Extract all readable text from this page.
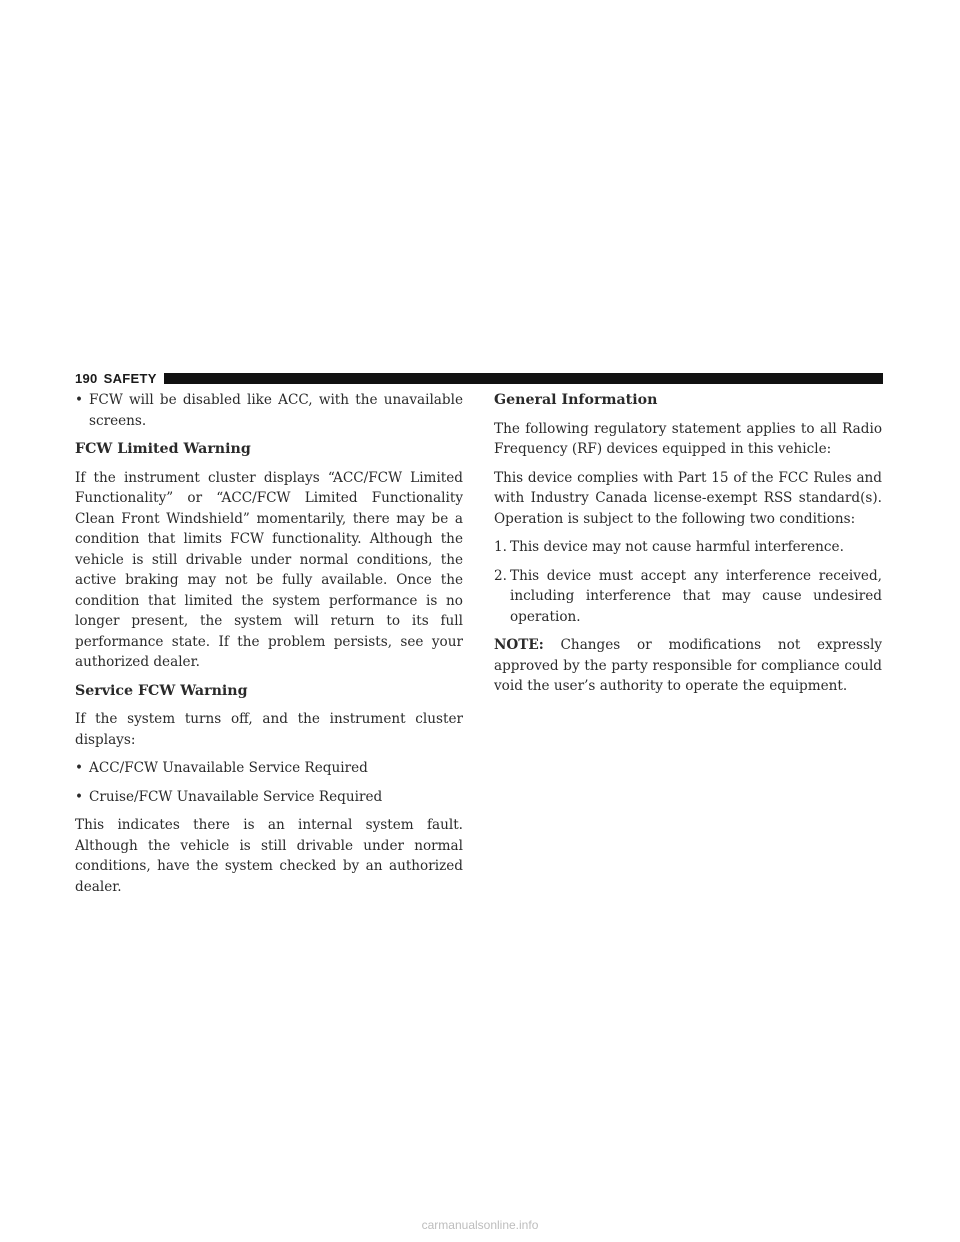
190 SAFETY
• FCW will be disabled like ACC, with the unavailable screens.
FCW Limited Warning

If the instrument cluster displays “ACC/FCW Limited Functionality” or “ACC/FCW Limited Functionality Clean Front Windshield” momentarily, there may be a condition that limits FCW functionality. Although the vehicle is still drivable under normal conditions, the active braking may not be fully available. Once the condition that limited the system performance is no longer present, the system will return to its full performance state. If the problem persists, see your authorized dealer.

Service FCW Warning

If the system turns off, and the instrument cluster displays:

• ACC/FCW Unavailable Service Required
• Cruise/FCW Unavailable Service Required

This indicates there is an internal system fault. Although the vehicle is still drivable under normal conditions, have the system checked by an authorized dealer.

General Information

The following regulatory statement applies to all Radio Frequency (RF) devices equipped in this vehicle:

This device complies with Part 15 of the FCC Rules and with Industry Canada license-exempt RSS standard(s). Operation is subject to the following two conditions:

1. This device may not cause harmful interference.
2. This device must accept any interference received, including interference that may cause undesired operation.

NOTE: Changes or modifications not expressly approved by the party responsible for compliance could void the user’s authority to operate the equipment.

carmanualsonline.info
